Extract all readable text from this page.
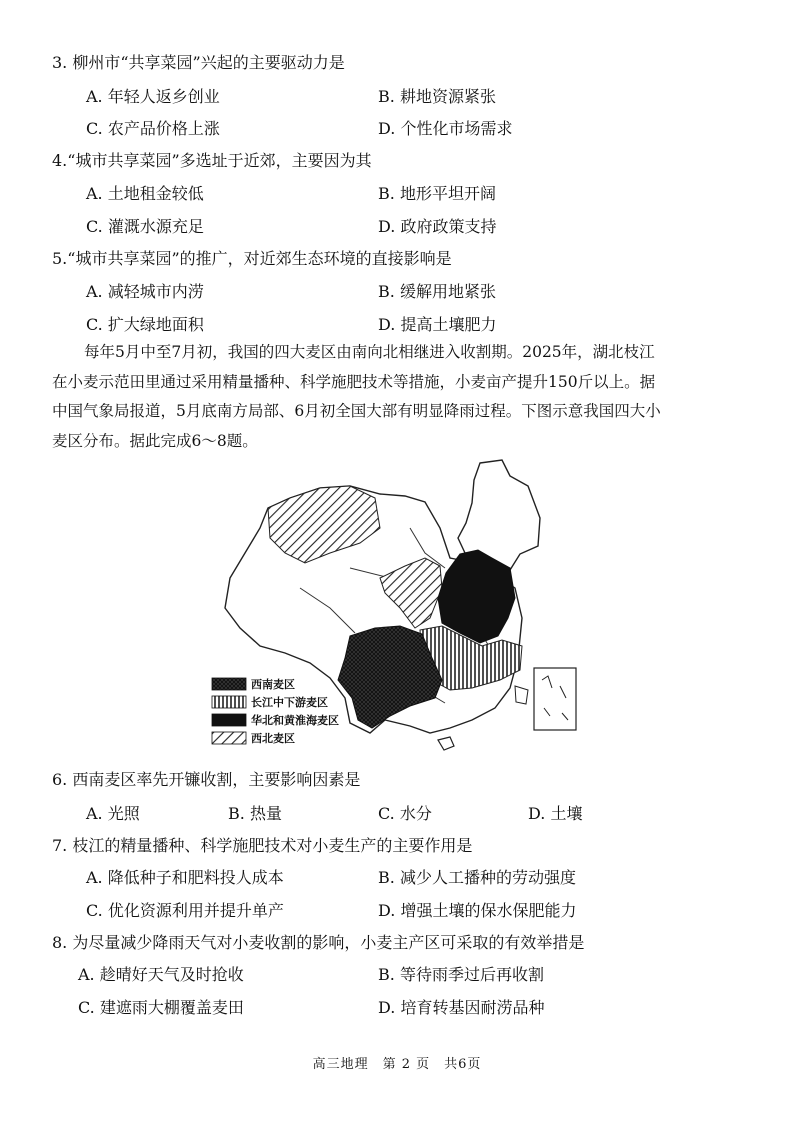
3. 柳州市“共享菜园”兴起的主要驱动力是
A. 年轻人返乡创业	B. 耕地资源紧张
C. 农产品价格上涨	D. 个性化市场需求
4.“城市共享菜园”多选址于近郊，主要因为其
A. 土地租金较低	B. 地形平坦开阔
C. 灌溉水源充足	D. 政府政策支持
5.“城市共享菜园”的推广，对近郊生态环境的直接影响是
A. 减轻城市内涝	B. 缓解用地紧张
C. 扩大绿地面积	D. 提高土壤肥力
每年5月中至7月初，我国的四大麦区由南向北相继进入收割期。2025年，湖北枝江
在小麦示范田里通过采用精量播种、科学施肥技术等措施，小麦亩产提升150斤以上。据
中国气象局报道，5月底南方局部、6月初全国大部有明显降雨过程。下图示意我国四大小
麦区分布。据此完成6～8题。
西南麦区
长江中下游麦区
华北和黄淮海麦区
西北麦区
6. 西南麦区率先开镰收割，主要影响因素是
A. 光照	B. 热量	C. 水分	D. 土壤
7. 枝江的精量播种、科学施肥技术对小麦生产的主要作用是
A. 降低种子和肥料投人成本	B. 减少人工播种的劳动强度
C. 优化资源利用并提升单产	D. 增强土壤的保水保肥能力
8. 为尽量减少降雨天气对小麦收割的影响，小麦主产区可采取的有效举措是
A. 趁晴好天气及时抢收	B. 等待雨季过后再收割
C. 建遮雨大棚覆盖麦田	D. 培育转基因耐涝品种
高三地理　第 2 页　共6页
